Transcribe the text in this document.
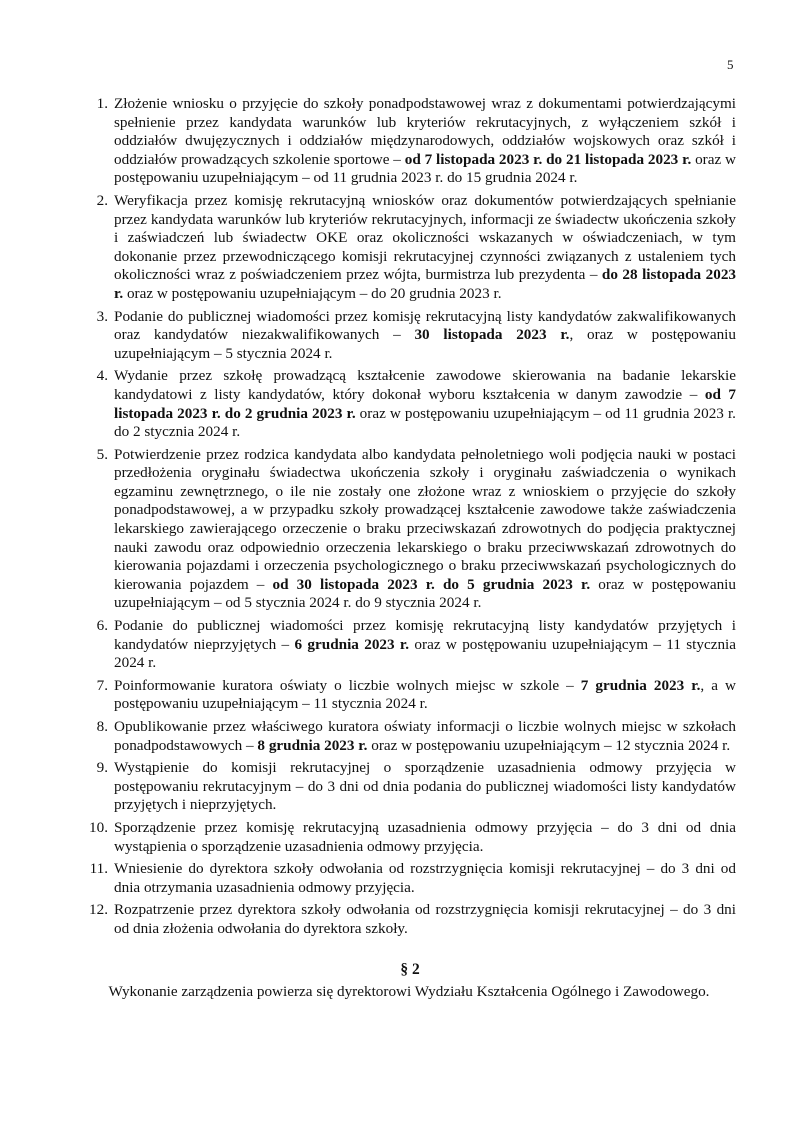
5
1. Złożenie wniosku o przyjęcie do szkoły ponadpodstawowej wraz z dokumentami potwierdzającymi spełnienie przez kandydata warunków lub kryteriów rekrutacyjnych, z wyłączeniem szkół i oddziałów dwujęzycznych i oddziałów międzynarodowych, oddziałów wojskowych oraz szkół i oddziałów prowadzących szkolenie sportowe – od 7 listopada 2023 r. do 21 listopada 2023 r. oraz w postępowaniu uzupełniającym – od 11 grudnia 2023 r. do 15 grudnia 2024 r.
2. Weryfikacja przez komisję rekrutacyjną wniosków oraz dokumentów potwierdzających spełnianie przez kandydata warunków lub kryteriów rekrutacyjnych, informacji ze świadectw ukończenia szkoły i zaświadczeń lub świadectw OKE oraz okoliczności wskazanych w oświadczeniach, w tym dokonanie przez przewodniczącego komisji rekrutacyjnej czynności związanych z ustaleniem tych okoliczności wraz z poświadczeniem przez wójta, burmistrza lub prezydenta – do 28 listopada 2023 r. oraz w postępowaniu uzupełniającym – do 20 grudnia 2023 r.
3. Podanie do publicznej wiadomości przez komisję rekrutacyjną listy kandydatów zakwalifikowanych oraz kandydatów niezakwalifikowanych – 30 listopada 2023 r., oraz w postępowaniu uzupełniającym – 5 stycznia 2024 r.
4. Wydanie przez szkołę prowadzącą kształcenie zawodowe skierowania na badanie lekarskie kandydatowi z listy kandydatów, który dokonał wyboru kształcenia w danym zawodzie – od 7 listopada 2023 r. do 2 grudnia 2023 r. oraz w postępowaniu uzupełniającym – od 11 grudnia 2023 r. do 2 stycznia 2024 r.
5. Potwierdzenie przez rodzica kandydata albo kandydata pełnoletniego woli podjęcia nauki w postaci przedłożenia oryginału świadectwa ukończenia szkoły i oryginału zaświadczenia o wynikach egzaminu zewnętrznego, o ile nie zostały one złożone wraz z wnioskiem o przyjęcie do szkoły ponadpodstawowej, a w przypadku szkoły prowadzącej kształcenie zawodowe także zaświadczenia lekarskiego zawierającego orzeczenie o braku przeciwskazań zdrowotnych do podjęcia praktycznej nauki zawodu oraz odpowiednio orzeczenia lekarskiego o braku przeciwwskazań zdrowotnych do kierowania pojazdami i orzeczenia psychologicznego o braku przeciwwskazań psychologicznych do kierowania pojazdem – od 30 listopada 2023 r. do 5 grudnia 2023 r. oraz w postępowaniu uzupełniającym – od 5 stycznia 2024 r. do 9 stycznia 2024 r.
6. Podanie do publicznej wiadomości przez komisję rekrutacyjną listy kandydatów przyjętych i kandydatów nieprzyjętych – 6 grudnia 2023 r. oraz w postępowaniu uzupełniającym – 11 stycznia 2024 r.
7. Poinformowanie kuratora oświaty o liczbie wolnych miejsc w szkole – 7 grudnia 2023 r., a w postępowaniu uzupełniającym – 11 stycznia 2024 r.
8. Opublikowanie przez właściwego kuratora oświaty informacji o liczbie wolnych miejsc w szkołach ponadpodstawowych – 8 grudnia 2023 r. oraz w postępowaniu uzupełniającym – 12 stycznia 2024 r.
9. Wystąpienie do komisji rekrutacyjnej o sporządzenie uzasadnienia odmowy przyjęcia w postępowaniu rekrutacyjnym – do 3 dni od dnia podania do publicznej wiadomości listy kandydatów przyjętych i nieprzyjętych.
10. Sporządzenie przez komisję rekrutacyjną uzasadnienia odmowy przyjęcia – do 3 dni od dnia wystąpienia o sporządzenie uzasadnienia odmowy przyjęcia.
11. Wniesienie do dyrektora szkoły odwołania od rozstrzygnięcia komisji rekrutacyjnej – do 3 dni od dnia otrzymania uzasadnienia odmowy przyjęcia.
12. Rozpatrzenie przez dyrektora szkoły odwołania od rozstrzygnięcia komisji rekrutacyjnej – do 3 dni od dnia złożenia odwołania do dyrektora szkoły.
§ 2
Wykonanie zarządzenia powierza się dyrektorowi Wydziału Kształcenia Ogólnego i Zawodowego.
